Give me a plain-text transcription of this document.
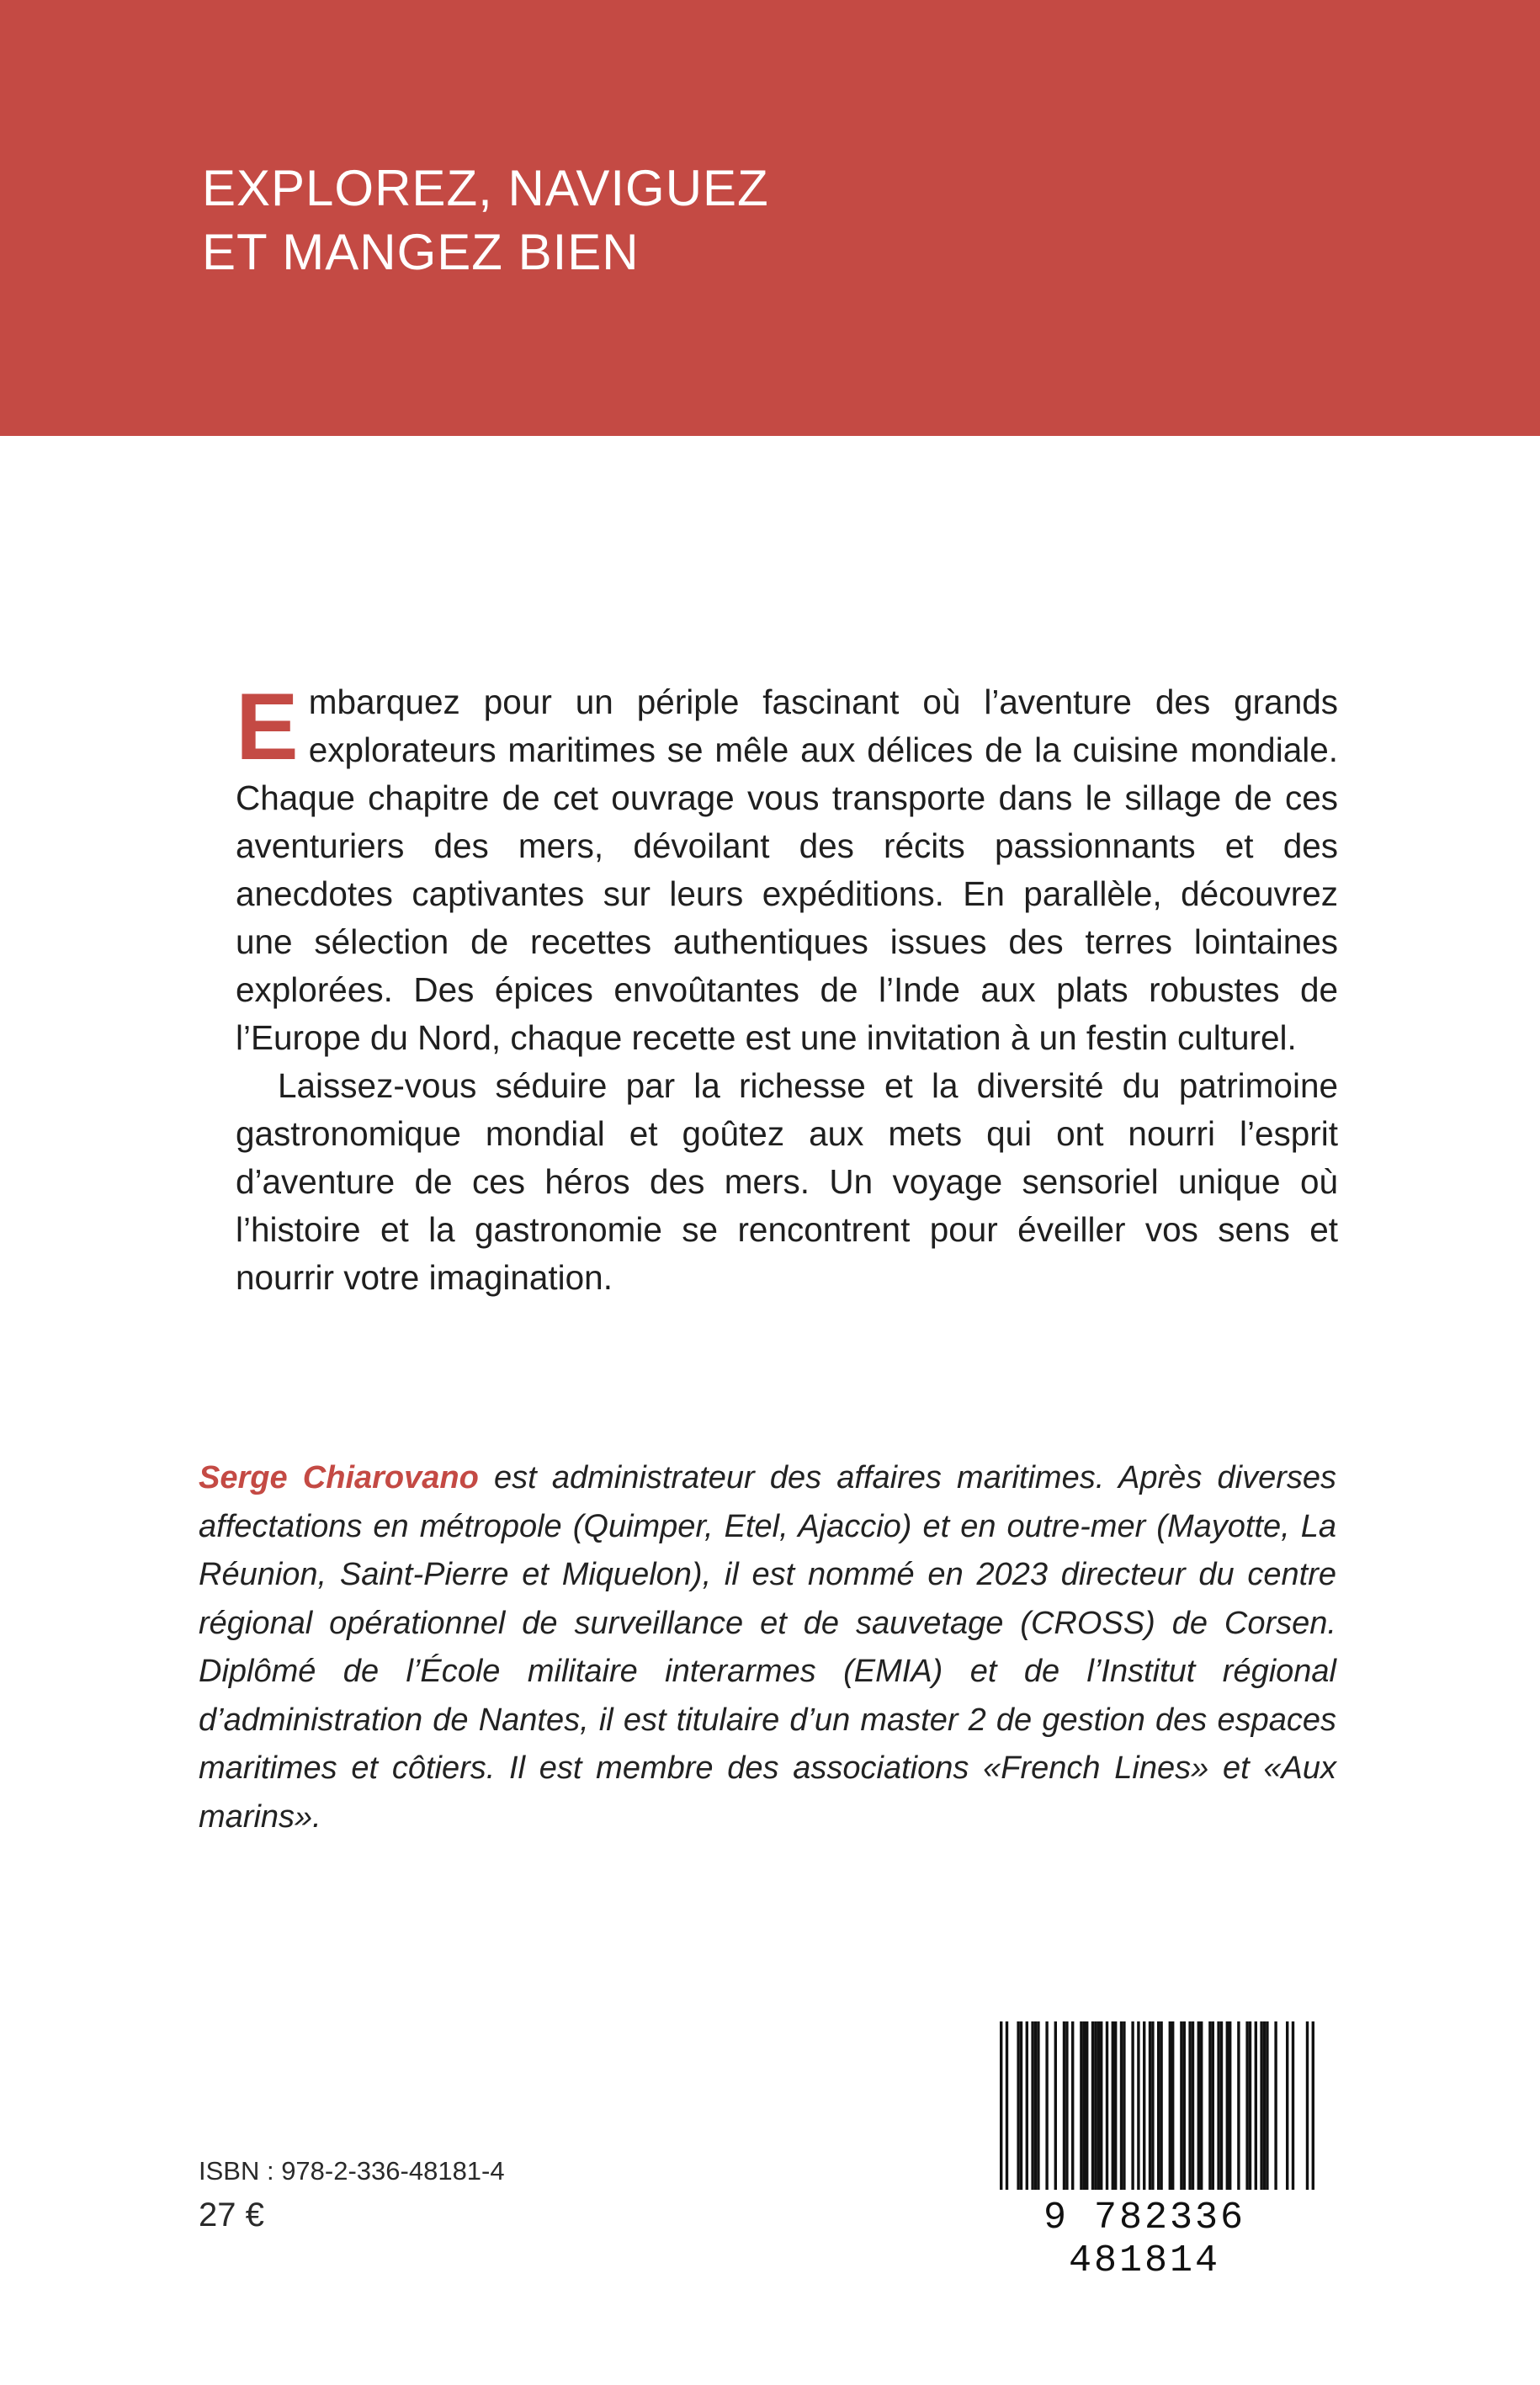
EXPLOREZ, NAVIGUEZ
ET MANGEZ BIEN

Embarquez pour un périple fascinant où l’aventure des grands explorateurs maritimes se mêle aux délices de la cuisine mondiale. Chaque chapitre de cet ouvrage vous transporte dans le sillage de ces aventuriers des mers, dévoilant des récits passionnants et des anecdotes captivantes sur leurs expéditions. En parallèle, découvrez une sélection de recettes authentiques issues des terres lointaines explorées. Des épices envoûtantes de l’Inde aux plats robustes de l’Europe du Nord, chaque recette est une invitation à un festin culturel.

Laissez-vous séduire par la richesse et la diversité du patrimoine gastronomique mondial et goûtez aux mets qui ont nourri l’esprit d’aventure de ces héros des mers. Un voyage sensoriel unique où l’histoire et la gastronomie se rencontrent pour éveiller vos sens et nourrir votre imagination.

Serge Chiarovano est administrateur des affaires maritimes. Après diverses affectations en métropole (Quimper, Etel, Ajaccio) et en outre-mer (Mayotte, La Réunion, Saint-Pierre et Miquelon), il est nommé en 2023 directeur du centre régional opérationnel de surveillance et de sauvetage (CROSS) de Corsen. Diplômé de l’École militaire interarmes (EMIA) et de l’Institut régional d’administration de Nantes, il est titulaire d’un master 2 de gestion des espaces maritimes et côtiers. Il est membre des associations «French Lines» et «Aux marins».

ISBN : 978-2-336-48181-4

27 €	9 782336 481814
